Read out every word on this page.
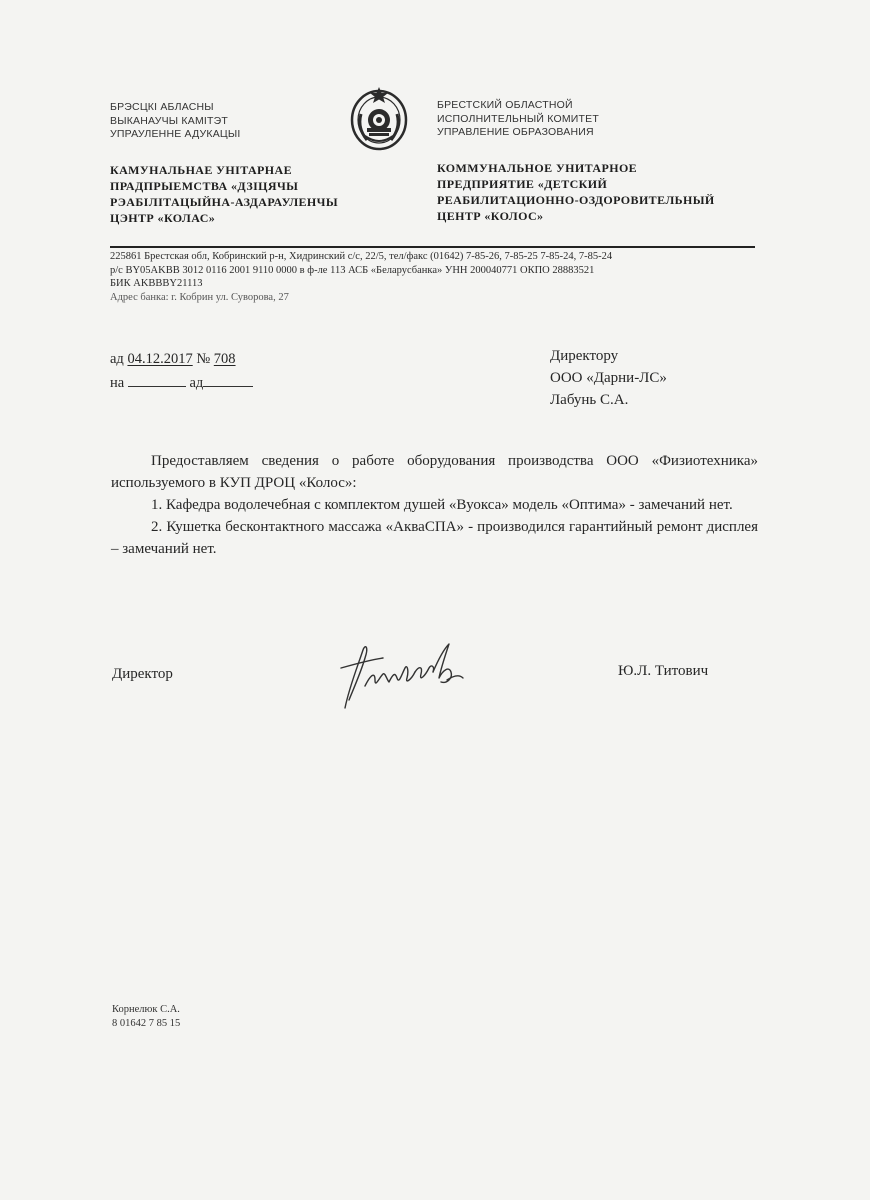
БРЭСЦКI АБЛАСНЫ
ВЫКАНАУЧЫ КАМIТЭТ
УПРАУЛЕННЕ АДУКАЦЫI
БРЕСТСКИЙ ОБЛАСТНОЙ
ИСПОЛНИТЕЛЬНЫЙ КОМИТЕТ
УПРАВЛЕНИЕ ОБРАЗОВАНИЯ
КАМУНАЛЬНАЕ УНIТАРНАЕ
ПРАДПРЫЕМСТВА «ДЗIЦЯЧЫ
РЭАБIЛIТАЦЫЙНА-АЗДАРАУЛЕНЧЫ
ЦЭНТР «КОЛАС»
КОММУНАЛЬНОЕ УНИТАРНОЕ
ПРЕДПРИЯТИЕ «ДЕТСКИЙ
РЕАБИЛИТАЦИОННО-ОЗДОРОВИТЕЛЬНЫЙ
ЦЕНТР «КОЛОС»
225861 Брестская обл, Кобринский р-н, Хидринский с/с, 22/5, тел/факс (01642) 7-85-26, 7-85-25 7-85-24, 7-85-24
р/с BY05AKBB 3012 0116 2001 9110 0000 в ф-ле 113 АСБ «Беларусбанка» УНН 200040771 ОКПО 28883521
БИК AKBBBY21113
Адрес банка: г. Кобрин ул. Суворова, 27
ад 04.12.2017 № 708
на	ад
Директору
ООО «Дарни-ЛС»
Лабунь С.А.

Предоставляем сведения о работе оборудования производства ООО «Физиотехника» используемого в КУП ДРОЦ «Колос»:

1. Кафедра водолечебная с комплектом душей «Вуокса» модель «Оптима» - замечаний нет.

2. Кушетка бесконтактного массажа «АкваСПА» - производился гарантийный ремонт дисплея – замечаний нет.

Директор	Ю.Л. Титович
Корнелюк С.А.
8 01642 7 85 15
